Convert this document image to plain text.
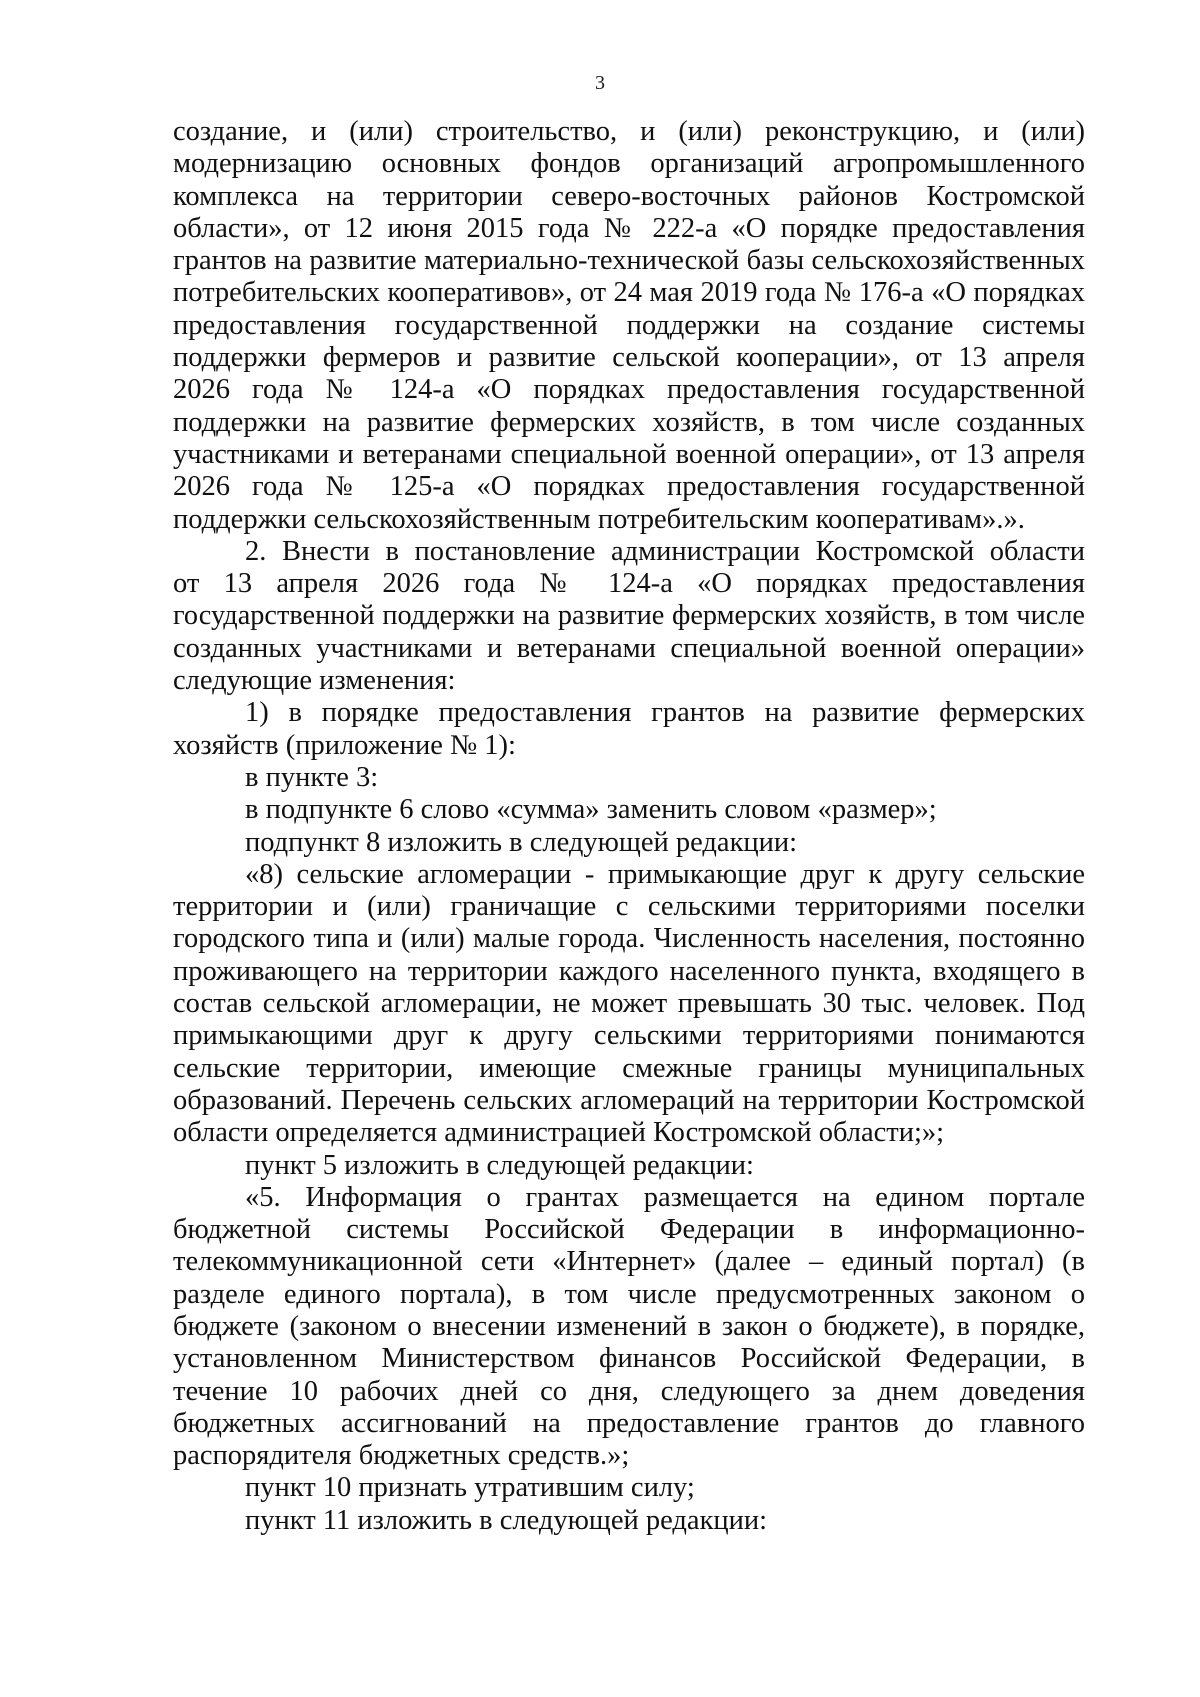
3
создание, и (или) строительство, и (или) реконструкцию, и (или)
модернизацию основных фондов организаций агропромышленного
комплекса на территории северо-восточных районов Костромской
области», от 12 июня 2015 года № 222-а «О порядке предоставления
грантов на развитие материально-технической базы сельскохозяйственных
потребительских кооперативов», от 24 мая 2019 года № 176-а «О порядках
предоставления государственной поддержки на создание системы
поддержки фермеров и развитие сельской кооперации», от 13 апреля
2026 года № 124-а «О порядках предоставления государственной
поддержки на развитие фермерских хозяйств, в том числе созданных
участниками и ветеранами специальной военной операции», от 13 апреля
2026 года № 125-а «О порядках предоставления государственной
поддержки сельскохозяйственным потребительским кооперативам».».
2. Внести в постановление администрации Костромской области
от 13 апреля 2026 года № 124-а «О порядках предоставления
государственной поддержки на развитие фермерских хозяйств, в том числе
созданных участниками и ветеранами специальной военной операции»
следующие изменения:
1) в порядке предоставления грантов на развитие фермерских
хозяйств (приложение № 1):
в пункте 3:
в подпункте 6 слово «сумма» заменить словом «размер»;
подпункт 8 изложить в следующей редакции:
«8) сельские агломерации - примыкающие друг к другу сельские
территории и (или) граничащие с сельскими территориями поселки
городского типа и (или) малые города. Численность населения, постоянно
проживающего на территории каждого населенного пункта, входящего в
состав сельской агломерации, не может превышать 30 тыс. человек. Под
примыкающими друг к другу сельскими территориями понимаются
сельские территории, имеющие смежные границы муниципальных
образований. Перечень сельских агломераций на территории Костромской
области определяется администрацией Костромской области;»;
пункт 5 изложить в следующей редакции:
«5. Информация о грантах размещается на едином портале
бюджетной системы Российской Федерации в информационно-
телекоммуникационной сети «Интернет» (далее – единый портал) (в
разделе единого портала), в том числе предусмотренных законом о
бюджете (законом о внесении изменений в закон о бюджете), в порядке,
установленном Министерством финансов Российской Федерации, в
течение 10 рабочих дней со дня, следующего за днем доведения
бюджетных ассигнований на предоставление грантов до главного
распорядителя бюджетных средств.»;
пункт 10 признать утратившим силу;
пункт 11 изложить в следующей редакции:
